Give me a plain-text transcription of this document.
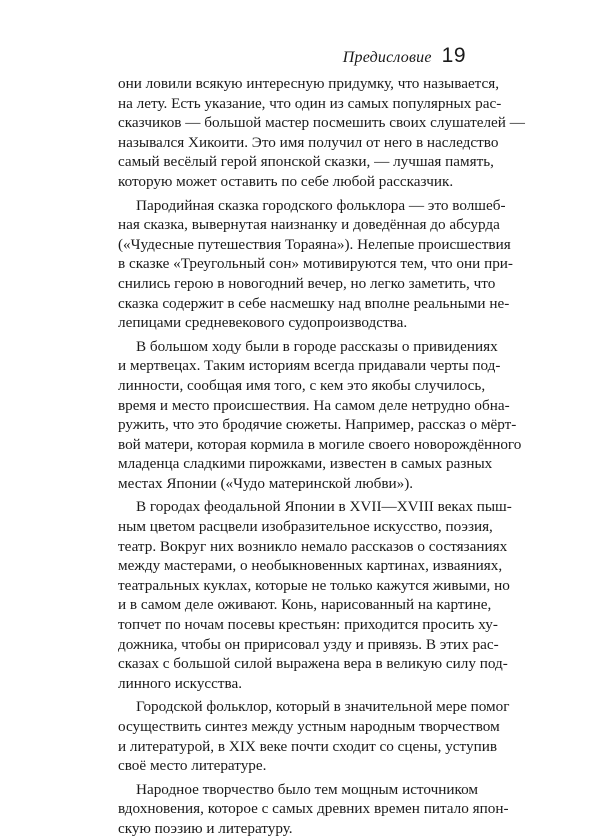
Предисловие 19

они ловили всякую интересную придумку, что называется,
на лету. Есть указание, что один из самых популярных рас-
сказчиков — большой мастер посмешить своих слушателей —
назывался Хикоити. Это имя получил от него в наследство
самый весёлый герой японской сказки, — лучшая память,
которую может оставить по себе любой рассказчик.

Пародийная сказка городского фольклора — это волшеб-
ная сказка, вывернутая наизнанку и доведённая до абсурда
(«Чудесные путешествия Тораяна»). Нелепые происшествия
в сказке «Треугольный сон» мотивируются тем, что они при-
снились герою в новогодний вечер, но легко заметить, что
сказка содержит в себе насмешку над вполне реальными не-
лепицами средневекового судопроизводства.

В большом ходу были в городе рассказы о привидениях
и мертвецах. Таким историям всегда придавали черты под-
линности, сообщая имя того, с кем это якобы случилось,
время и место происшествия. На самом деле нетрудно обна-
ружить, что это бродячие сюжеты. Например, рассказ о мёрт-
вой матери, которая кормила в могиле своего новорождённого
младенца сладкими пирожками, известен в самых разных
местах Японии («Чудо материнской любви»).

В городах феодальной Японии в XVII—XVIII веках пыш-
ным цветом расцвели изобразительное искусство, поэзия,
театр. Вокруг них возникло немало рассказов о состязаниях
между мастерами, о необыкновенных картинах, изваяниях,
театральных куклах, которые не только кажутся живыми, но
и в самом деле оживают. Конь, нарисованный на картине,
топчет по ночам посевы крестьян: приходится просить ху-
дожника, чтобы он пририсовал узду и привязь. В этих рас-
сказах с большой силой выражена вера в великую силу под-
линного искусства.

Городской фольклор, который в значительной мере помог
осуществить синтез между устным народным творчеством
и литературой, в XIX веке почти сходит со сцены, уступив
своё место литературе.

Народное творчество было тем мощным источником
вдохновения, которое с самых древних времен питало япон-
скую поэзию и литературу.
